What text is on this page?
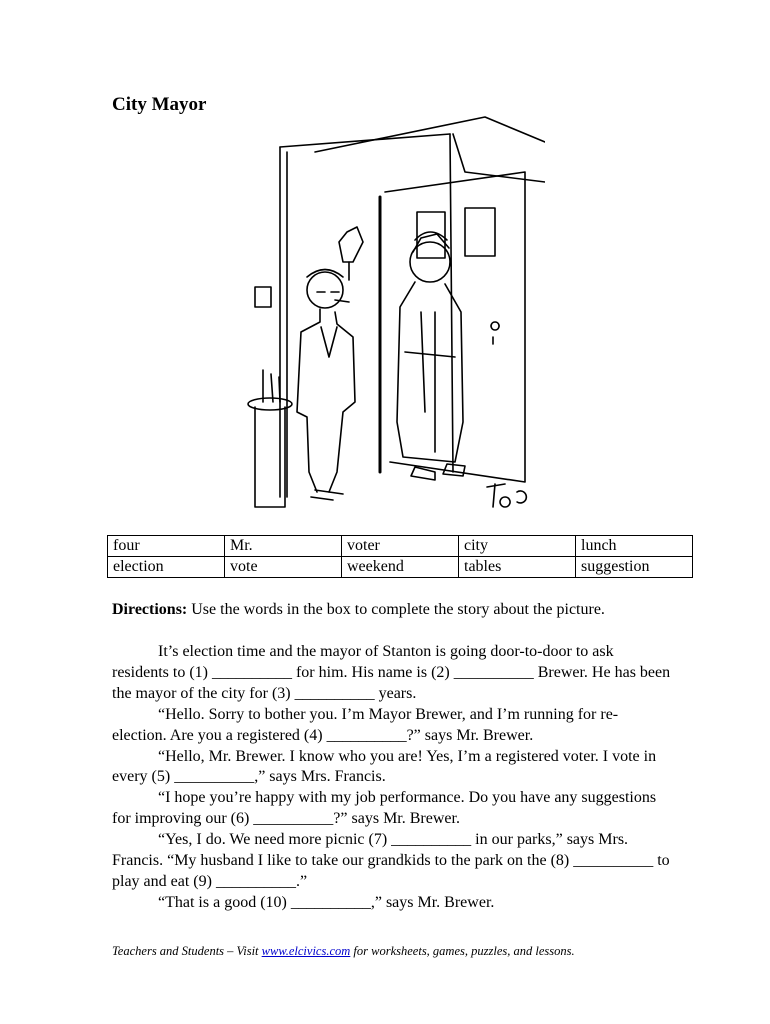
City Mayor
four	Mr.	voter	city	lunch
election	vote	weekend	tables	suggestion

Directions: Use the words in the box to complete the story about the picture.

It’s election time and the mayor of Stanton is going door-to-door to ask residents to (1) __________ for him. His name is (2) __________ Brewer. He has been the mayor of the city for (3) __________ years.

“Hello. Sorry to bother you. I’m Mayor Brewer, and I’m running for re-election. Are you a registered (4) __________?” says Mr. Brewer.

“Hello, Mr. Brewer. I know who you are! Yes, I’m a registered voter. I vote in every (5) __________,” says Mrs. Francis.

“I hope you’re happy with my job performance. Do you have any suggestions for improving our (6) __________?” says Mr. Brewer.

“Yes, I do. We need more picnic (7) __________ in our parks,” says Mrs. Francis. “My husband I like to take our grandkids to the park on the (8) __________ to play and eat (9) __________.”

“That is a good (10) __________,” says Mr. Brewer.

Teachers and Students – Visit www.elcivics.com for worksheets, games, puzzles, and lessons.
